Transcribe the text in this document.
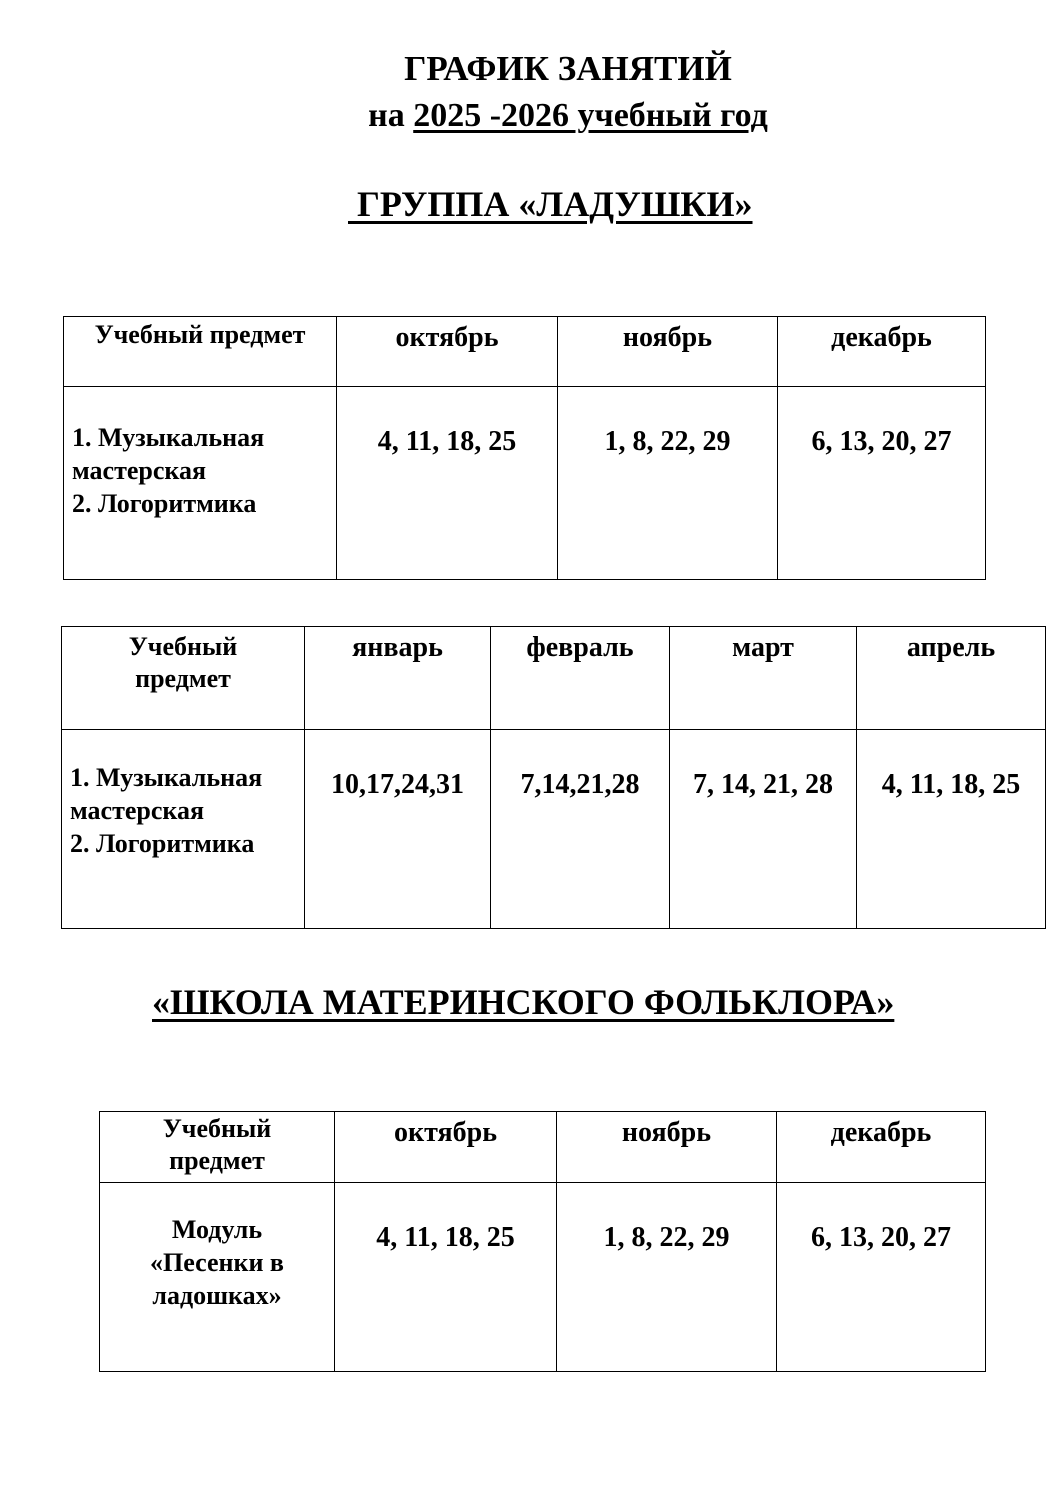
ГРАФИК ЗАНЯТИЙ
на 2025 -2026 учебный год
ГРУППА «ЛАДУШКИ»
Учебный предмет	октябрь	ноябрь	декабрь

1. Музыкальная
мастерская
2. Логоритмика	4, 11, 18, 25	1, 8, 22, 29	6, 13, 20, 27
Учебный
предмет	январь	февраль	март	апрель

1. Музыкальная
мастерская
2. Логоритмика	10,17,24,31	7,14,21,28	7, 14, 21, 28	4, 11, 18, 25
«ШКОЛА МАТЕРИНСКОГО ФОЛЬКЛОРА»
Учебный
предмет	октябрь	ноябрь	декабрь

Модуль
«Песенки в
ладошках»	4, 11, 18, 25	1, 8, 22, 29	6, 13, 20, 27
